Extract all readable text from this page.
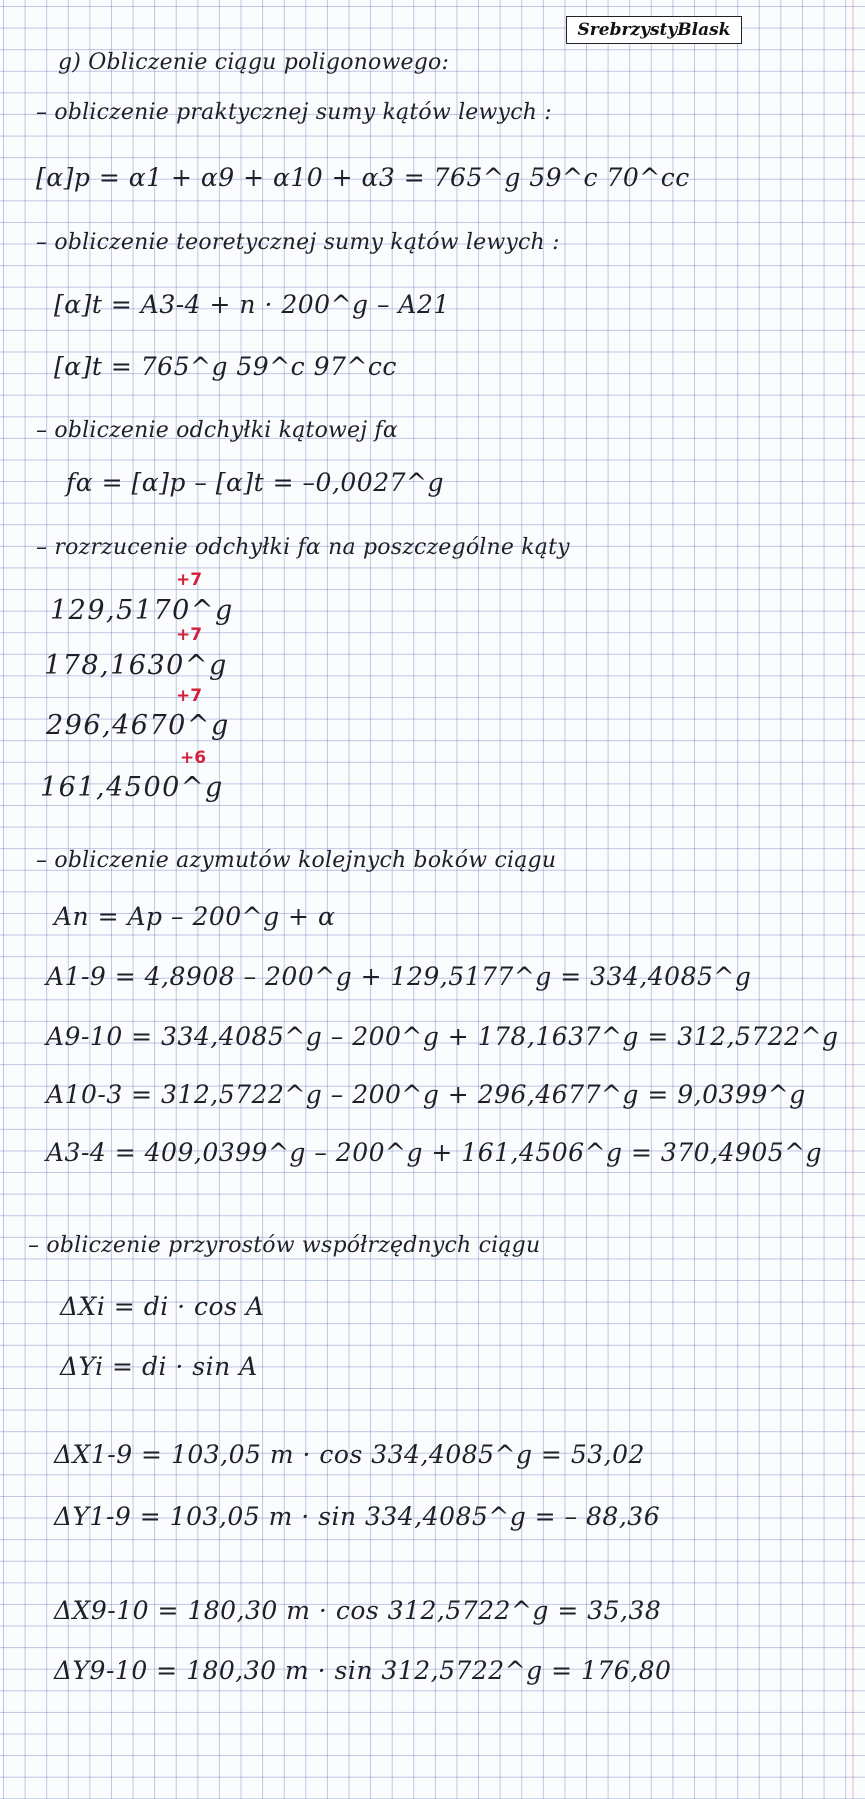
SrebrzystyBlask
g) Obliczenie ciągu poligonowego:
– obliczenie praktycznej sumy kątów lewych :
[α]p = α1 + α9 + α10 + α3 = 765^g 59^c 70^cc
– obliczenie teoretycznej sumy kątów lewych :
[α]t = A3-4 + n · 200^g – A21
[α]t = 765^g 59^c 97^cc
– obliczenie odchyłki kątowej fα
fα = [α]p – [α]t = –0,0027^g
– rozrzucenie odchyłki fα na poszczególne kąty
+7
129,5170^g
+7
178,1630^g
+7
296,4670^g
+6
161,4500^g
– obliczenie azymutów kolejnych boków ciągu
An = Ap – 200^g + α
A1-9 = 4,8908 – 200^g + 129,5177^g = 334,4085^g
A9-10 = 334,4085^g – 200^g + 178,1637^g = 312,5722^g
A10-3 = 312,5722^g – 200^g + 296,4677^g = 9,0399^g
A3-4 = 409,0399^g – 200^g + 161,4506^g = 370,4905^g
– obliczenie przyrostów współrzędnych ciągu
ΔXi = di · cos A
ΔYi = di · sin A
ΔX1-9 = 103,05 m · cos 334,4085^g = 53,02
ΔY1-9 = 103,05 m · sin 334,4085^g = – 88,36
ΔX9-10 = 180,30 m · cos 312,5722^g = 35,38
ΔY9-10 = 180,30 m · sin 312,5722^g = 176,80
